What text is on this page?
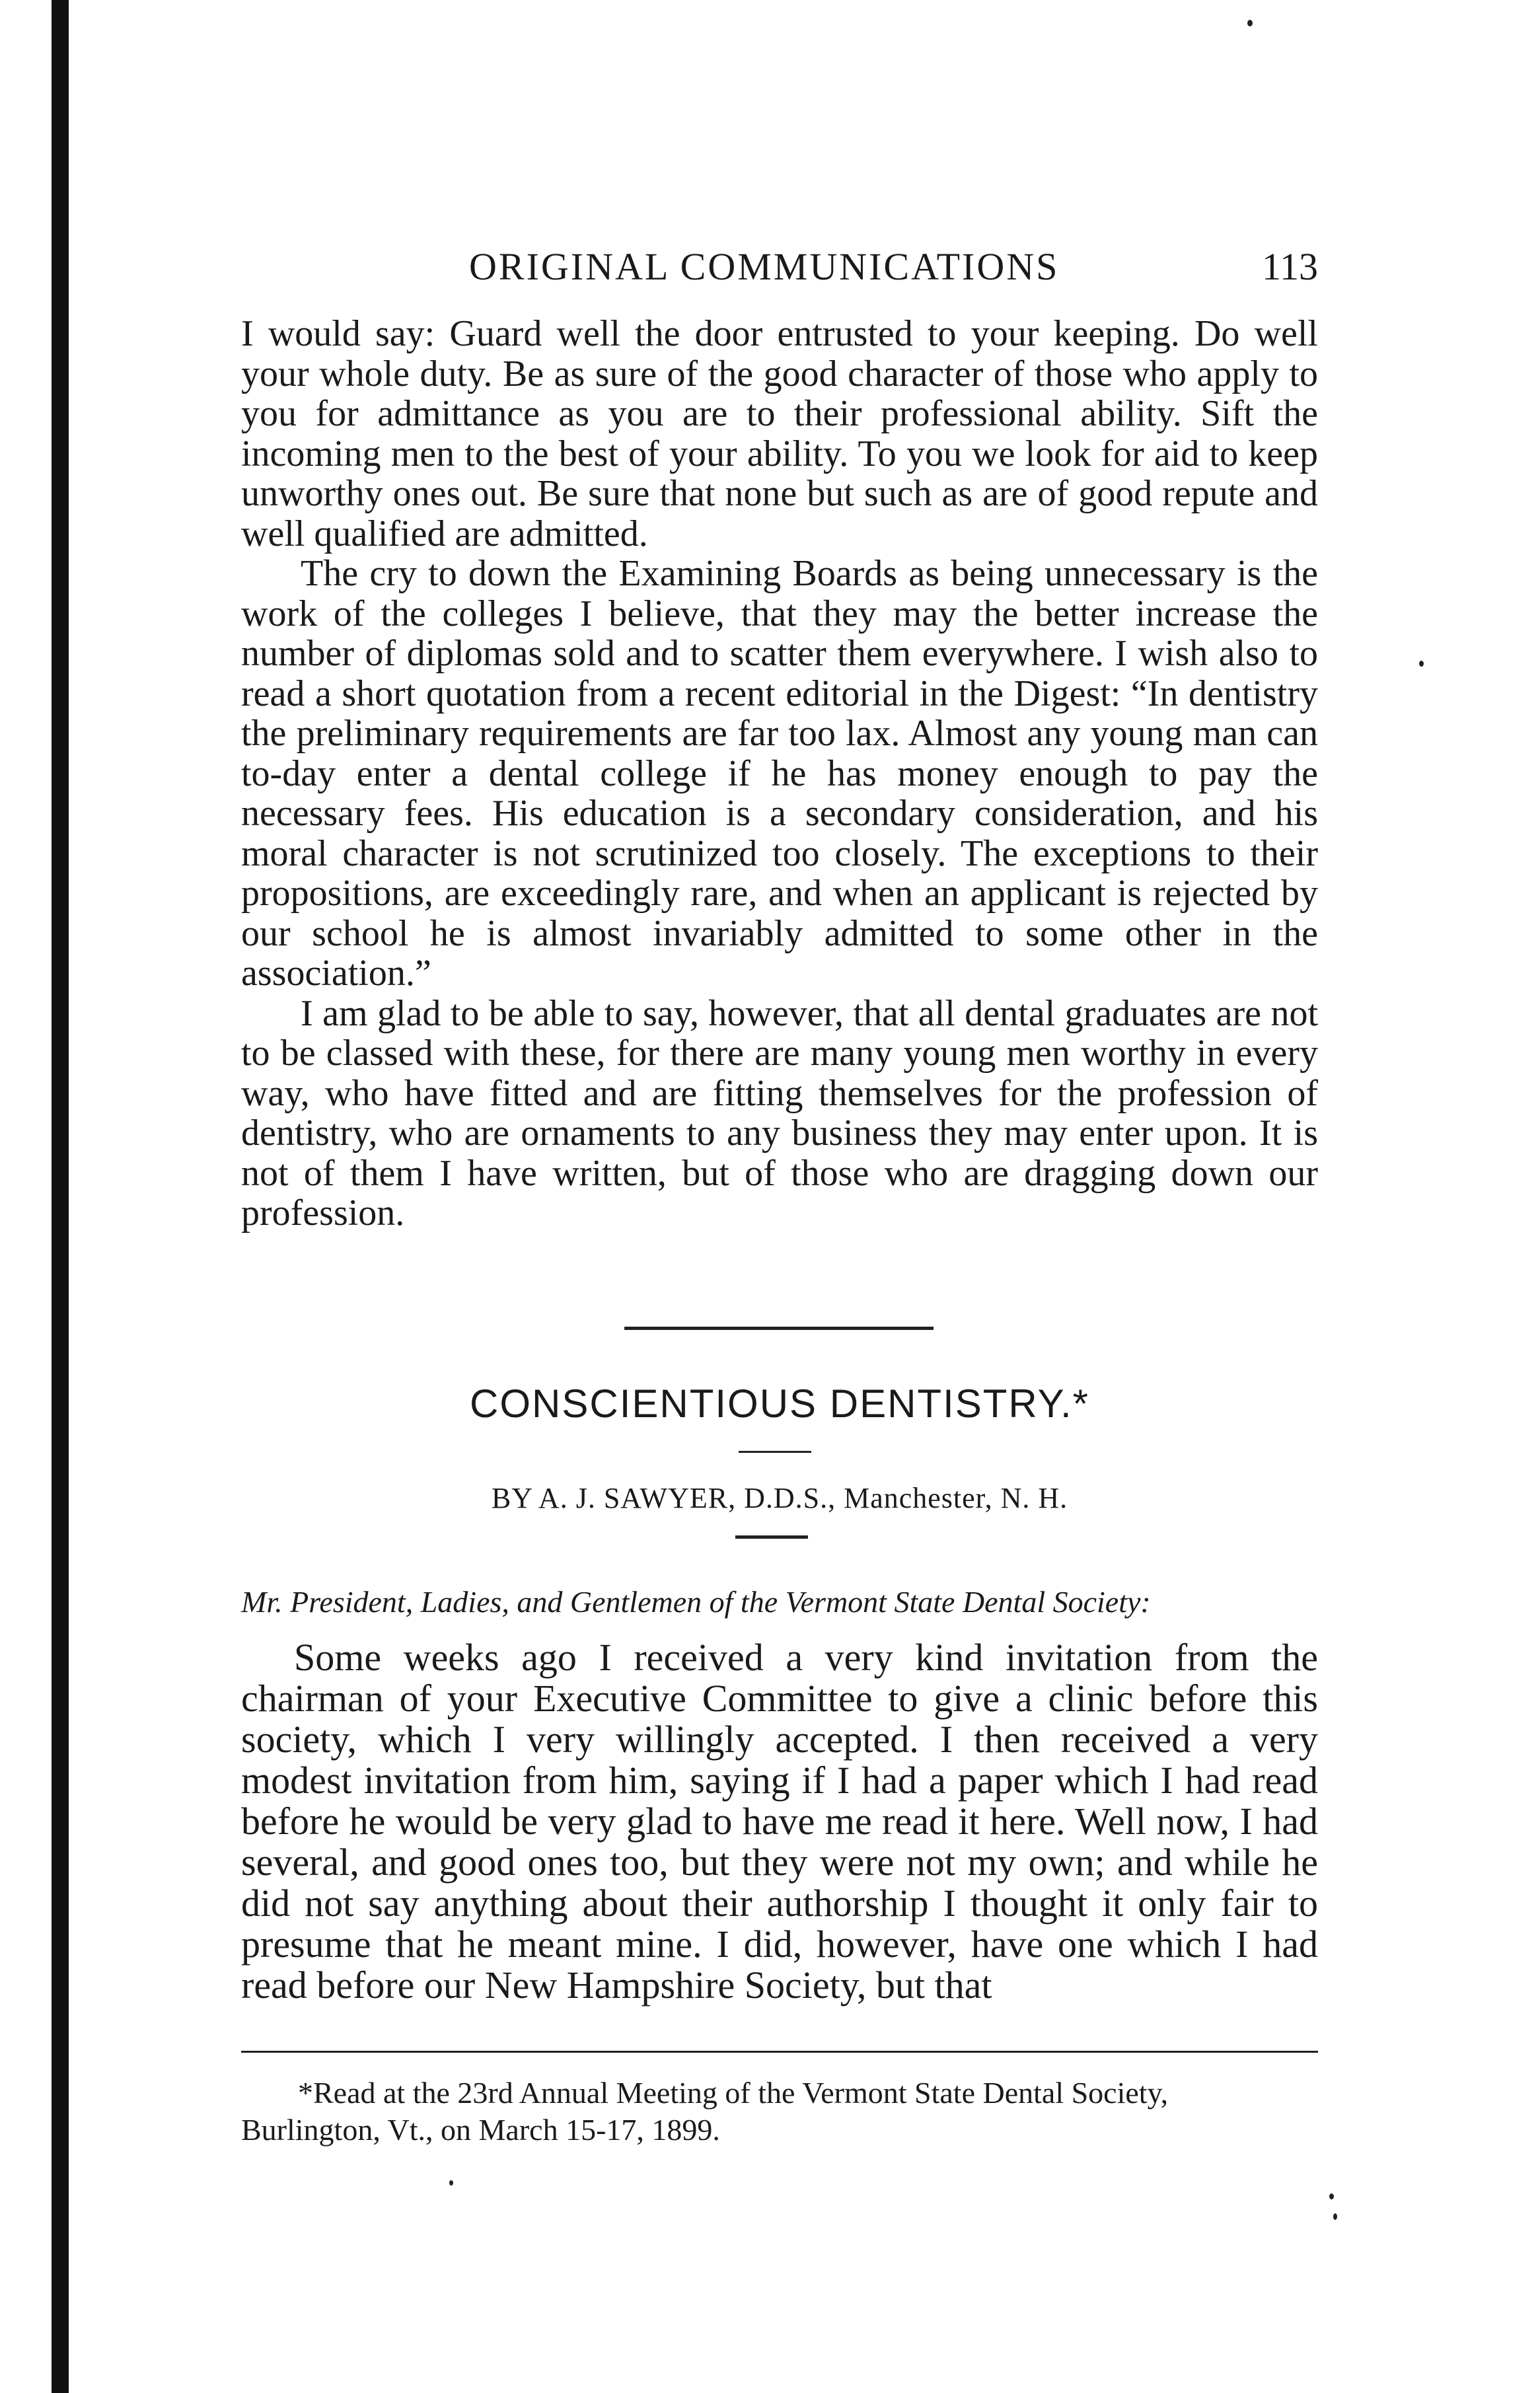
ORIGINAL COMMUNICATIONS	113

I would say: Guard well the door entrusted to your keeping. Do well your whole duty. Be as sure of the good character of those who apply to you for admittance as you are to their professional ability. Sift the incoming men to the best of your ability. To you we look for aid to keep unworthy ones out. Be sure that none but such as are of good repute and well qualified are admitted.

The cry to down the Examining Boards as being unnecessary is the work of the colleges I believe, that they may the better increase the number of diplomas sold and to scatter them everywhere. I wish also to read a short quotation from a recent editorial in the Digest: “In dentistry the preliminary requirements are far too lax. Almost any young man can to-day enter a dental college if he has money enough to pay the necessary fees. His education is a secondary consideration, and his moral character is not scrutinized too closely. The exceptions to their propositions, are exceedingly rare, and when an applicant is rejected by our school he is almost invariably admitted to some other in the association.”

I am glad to be able to say, however, that all dental graduates are not to be classed with these, for there are many young men worthy in every way, who have fitted and are fitting themselves for the profession of dentistry, who are ornaments to any business they may enter upon. It is not of them I have written, but of those who are dragging down our profession.

CONSCIENTIOUS DENTISTRY.*
BY A. J. SAWYER, D.D.S., Manchester, N. H.
Mr. President, Ladies, and Gentlemen of the Vermont State Dental Society:

Some weeks ago I received a very kind invitation from the chairman of your Executive Committee to give a clinic before this society, which I very willingly accepted. I then received a very modest invitation from him, saying if I had a paper which I had read before he would be very glad to have me read it here. Well now, I had several, and good ones too, but they were not my own; and while he did not say anything about their authorship I thought it only fair to presume that he meant mine. I did, however, have one which I had read before our New Hampshire Society, but that

*Read at the 23rd Annual Meeting of the Vermont State Dental Society,
Burlington, Vt., on March 15-17, 1899.
